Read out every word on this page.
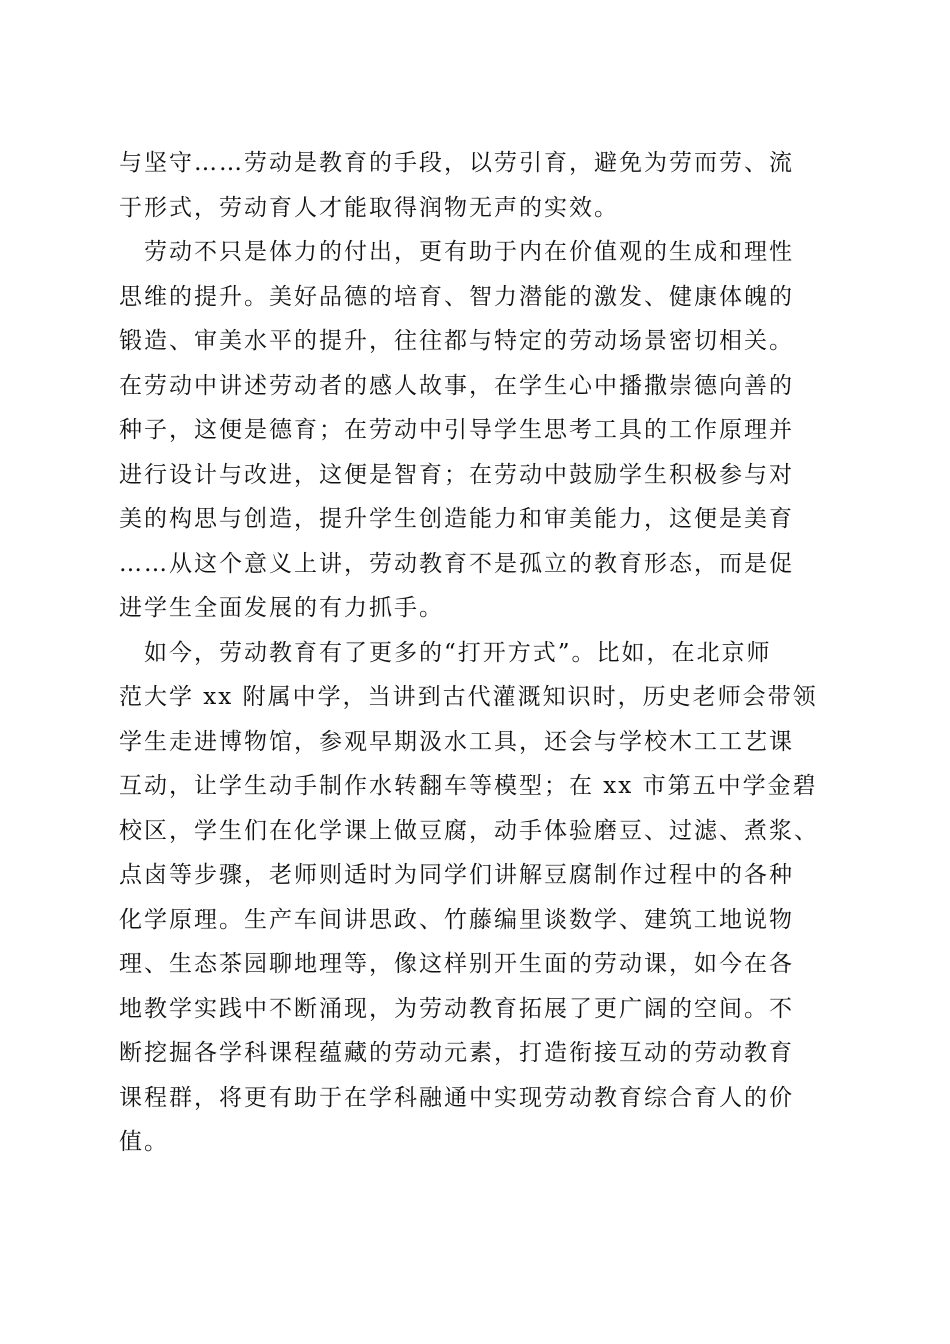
与坚守……劳动是教育的手段，以劳引育，避免为劳而劳、流
于形式，劳动育人才能取得润物无声的实效。
　劳动不只是体力的付出，更有助于内在价值观的生成和理性
思维的提升。美好品德的培育、智力潜能的激发、健康体魄的
锻造、审美水平的提升，往往都与特定的劳动场景密切相关。
在劳动中讲述劳动者的感人故事，在学生心中播撒崇德向善的
种子，这便是德育；在劳动中引导学生思考工具的工作原理并
进行设计与改进，这便是智育；在劳动中鼓励学生积极参与对
美的构思与创造，提升学生创造能力和审美能力，这便是美育
……从这个意义上讲，劳动教育不是孤立的教育形态，而是促
进学生全面发展的有力抓手。
　如今，劳动教育有了更多的“打开方式”。比如，在北京师
范大学 xx 附属中学，当讲到古代灌溉知识时，历史老师会带领
学生走进博物馆，参观早期汲水工具，还会与学校木工工艺课
互动，让学生动手制作水转翻车等模型；在 xx 市第五中学金碧
校区，学生们在化学课上做豆腐，动手体验磨豆、过滤、煮浆、
点卤等步骤，老师则适时为同学们讲解豆腐制作过程中的各种
化学原理。生产车间讲思政、竹藤编里谈数学、建筑工地说物
理、生态茶园聊地理等，像这样别开生面的劳动课，如今在各
地教学实践中不断涌现，为劳动教育拓展了更广阔的空间。不
断挖掘各学科课程蕴藏的劳动元素，打造衔接互动的劳动教育
课程群，将更有助于在学科融通中实现劳动教育综合育人的价
值。
